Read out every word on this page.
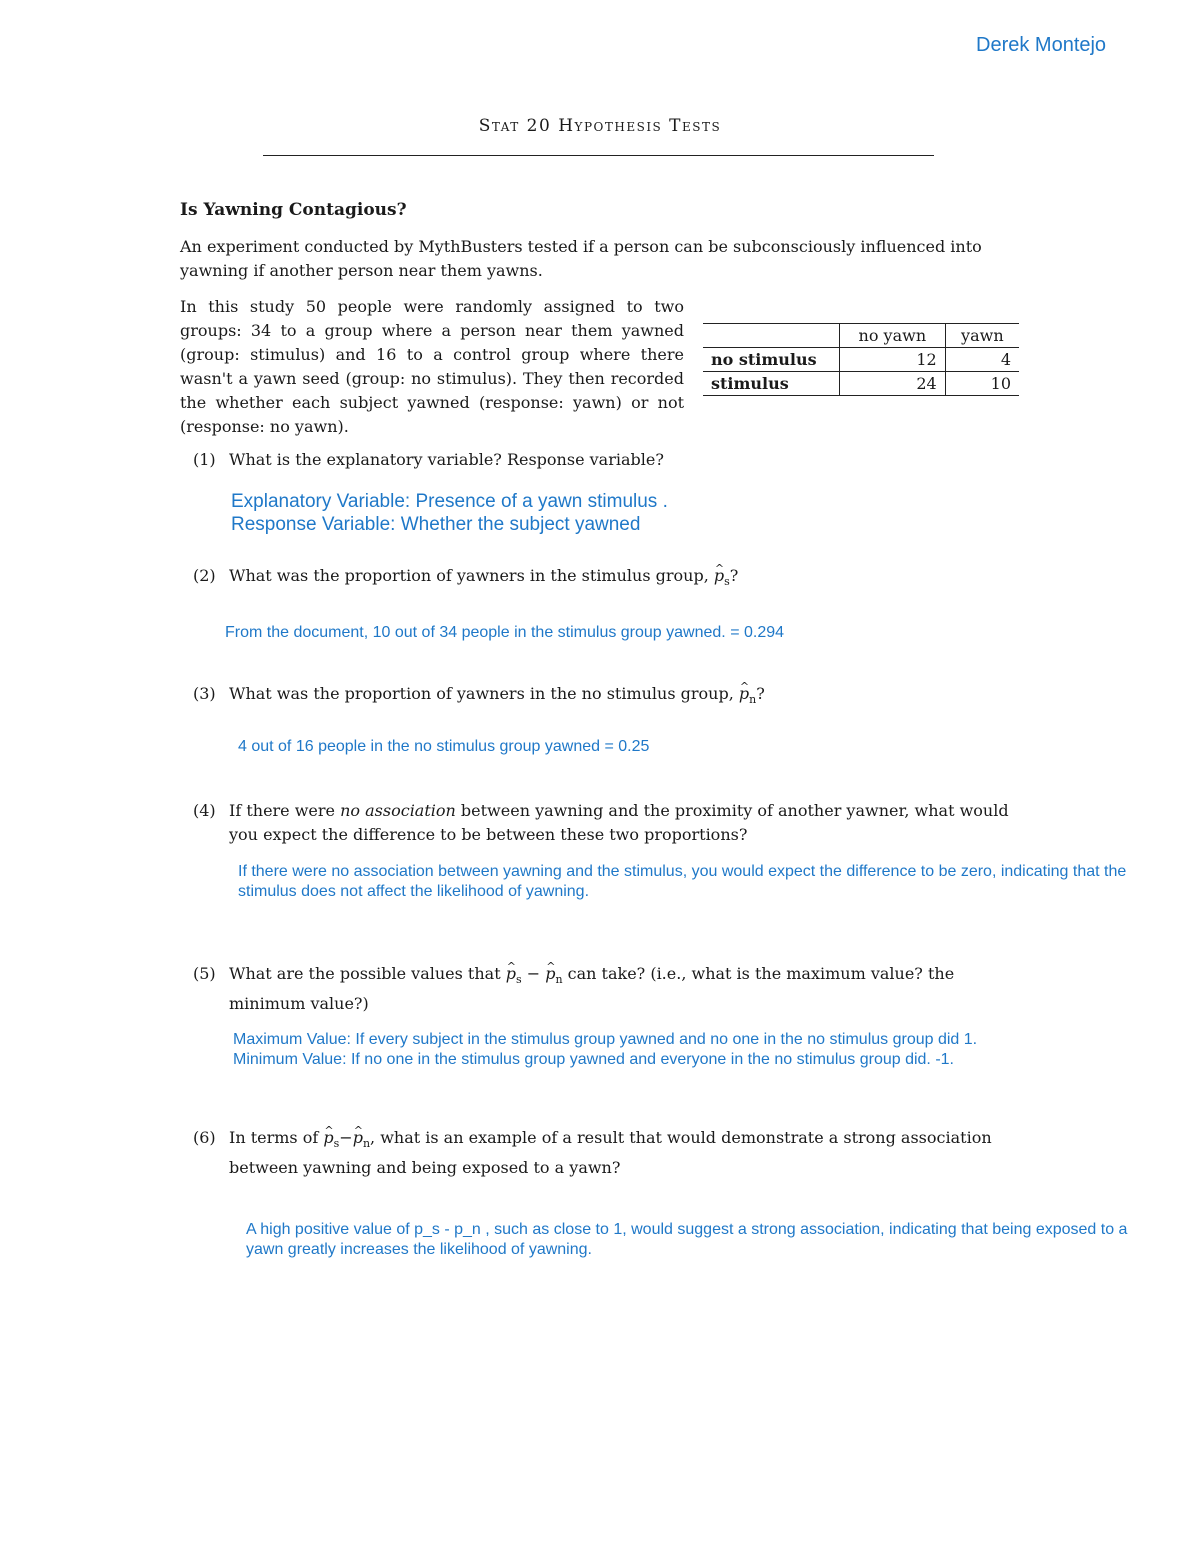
Derek Montejo
Stat 20 Hypothesis Tests
Is Yawning Contagious?
An experiment conducted by MythBusters tested if a person can be subconsciously influenced into yawning if another person near them yawns.
In this study 50 people were randomly assigned to two groups: 34 to a group where a person near them yawned (group: stimulus) and 16 to a control group where there wasn't a yawn seed (group: no stimulus). They then recorded the whether each subject yawned (response: yawn) or not (response: no yawn).
	no yawn	yawn
no stimulus	12	4
stimulus	24	10
(1) What is the explanatory variable? Response variable?
Explanatory Variable: Presence of a yawn stimulus .
Response Variable: Whether the subject yawned
(2) What was the proportion of yawners in the stimulus group, ^ $p_s$?
From the document, 10 out of 34 people in the stimulus group yawned. = 0.294
(3) What was the proportion of yawners in the no stimulus group, ^ $p_n$?
4 out of 16 people in the no stimulus group yawned = 0.25
(4) If there were no association between yawning and the proximity of another yawner, what would you expect the difference to be between these two proportions?
If there were no association between yawning and the stimulus, you would expect the difference to be zero, indicating that the stimulus does not affect the likelihood of yawning.
(5) What are the possible values that ^ $p_s$ − ^ $p_n$ can take? (i.e., what is the maximum value? the minimum value?)
Maximum Value: If every subject in the stimulus group yawned and no one in the no stimulus group did 1.
Minimum Value: If no one in the stimulus group yawned and everyone in the no stimulus group did. -1.
(6) In terms of ^ $p_s-\^{}$ $p_n$, what is an example of a result that would demonstrate a strong association between yawning and being exposed to a yawn?
A high positive value of p_s - p_n , such as close to 1, would suggest a strong association, indicating that being exposed to a yawn greatly increases the likelihood of yawning.
